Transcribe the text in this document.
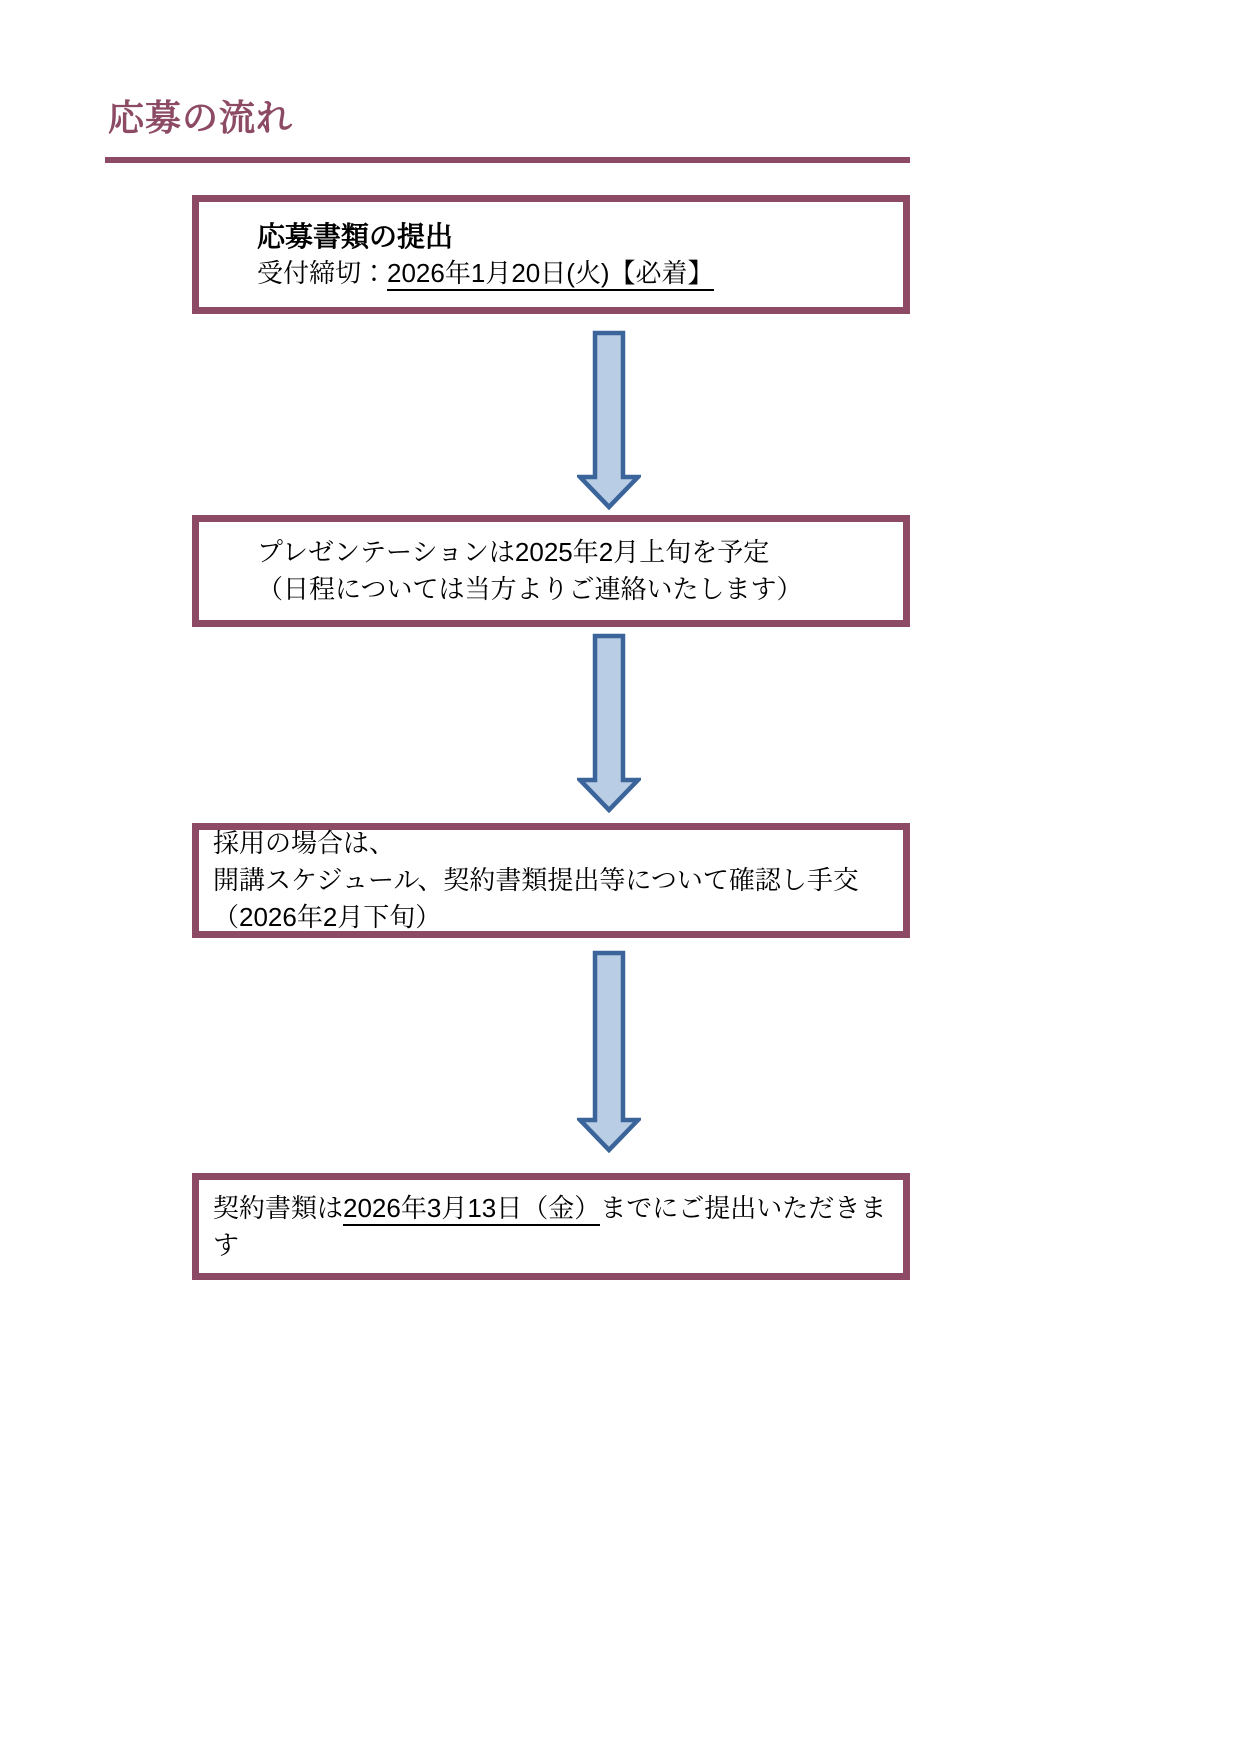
応募の流れ
応募書類の提出
受付締切：2026年1月20日(火)【必着】
プレゼンテーションは2025年2月上旬を予定
（日程については当方よりご連絡いたします）
採用の場合は、
開講スケジュール、契約書類提出等について確認し手交
（2026年2月下旬）
契約書類は2026年3月13日（金）までにご提出いただきます
